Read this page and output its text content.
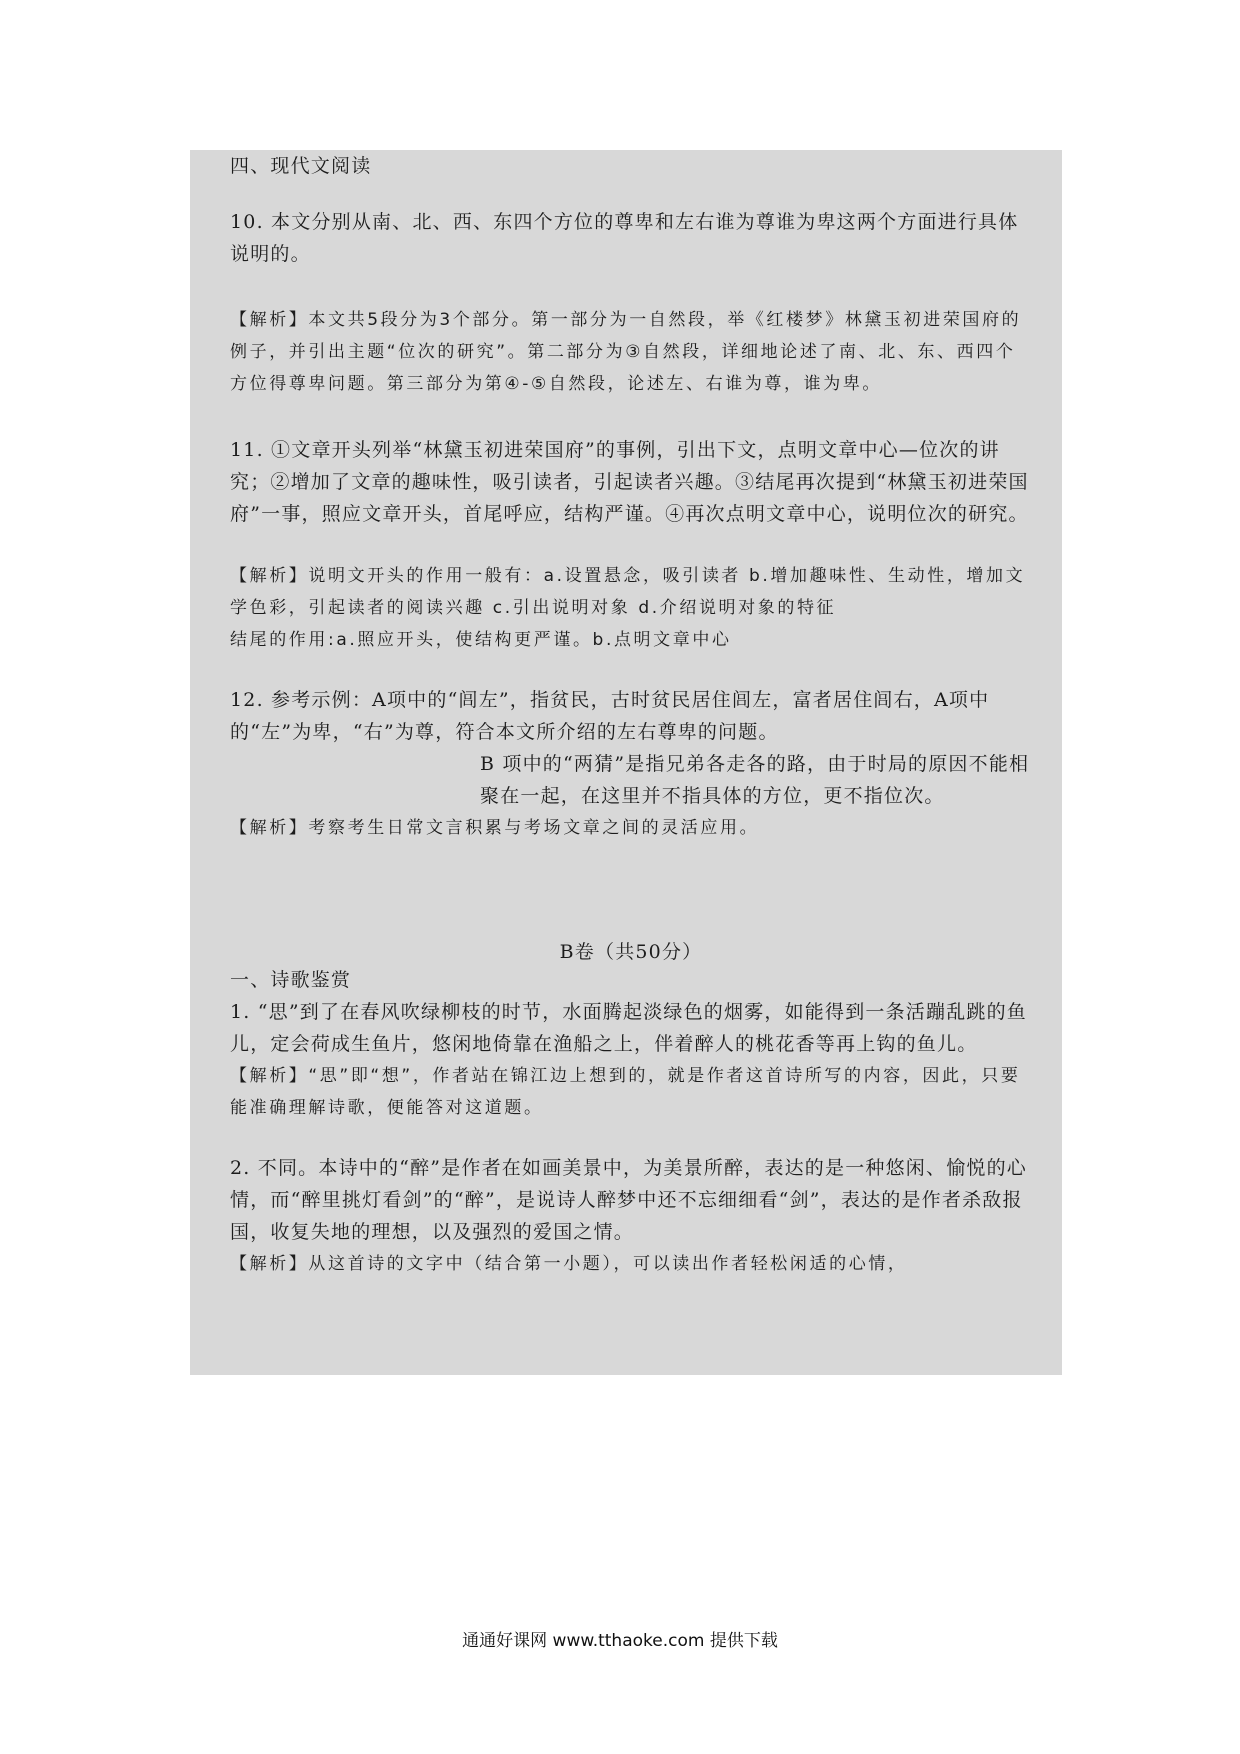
四、现代文阅读

10. 本文分别从南、北、西、东四个方位的尊卑和左右谁为尊谁为卑这两个方面进行具体说明的。

【解析】本文共5段分为3个部分。第一部分为一自然段，举《红楼梦》林黛玉初进荣国府的例子，并引出主题“位次的研究”。第二部分为③自然段，详细地论述了南、北、东、西四个方位得尊卑问题。第三部分为第④-⑤自然段，论述左、右谁为尊，谁为卑。

11. ①文章开头列举“林黛玉初进荣国府”的事例，引出下文，点明文章中心—位次的讲究；②增加了文章的趣味性，吸引读者，引起读者兴趣。③结尾再次提到“林黛玉初进荣国府”一事，照应文章开头，首尾呼应，结构严谨。④再次点明文章中心，说明位次的研究。

【解析】说明文开头的作用一般有：a.设置悬念，吸引读者 b.增加趣味性、生动性，增加文学色彩，引起读者的阅读兴趣 c.引出说明对象 d.介绍说明对象的特征

结尾的作用:a.照应开头，使结构更严谨。b.点明文章中心

12. 参考示例：A项中的“闾左”，指贫民，古时贫民居住闾左，富者居住闾右，A项中的“左”为卑，“右”为尊，符合本文所介绍的左右尊卑的问题。

B 项中的“两猜”是指兄弟各走各的路，由于时局的原因不能相聚在一起，在这里并不指具体的方位，更不指位次。

【解析】考察考生日常文言积累与考场文章之间的灵活应用。

B卷（共50分）

一、诗歌鉴赏

1. “思”到了在春风吹绿柳枝的时节，水面腾起淡绿色的烟雾，如能得到一条活蹦乱跳的鱼儿，定会荷成生鱼片，悠闲地倚靠在渔船之上，伴着醉人的桃花香等再上钩的鱼儿。

【解析】“思”即“想”，作者站在锦江边上想到的，就是作者这首诗所写的内容，因此，只要能准确理解诗歌，便能答对这道题。

2. 不同。本诗中的“醉”是作者在如画美景中，为美景所醉，表达的是一种悠闲、愉悦的心情，而“醉里挑灯看剑”的“醉”，是说诗人醉梦中还不忘细细看“剑”，表达的是作者杀敌报国，收复失地的理想，以及强烈的爱国之情。

【解析】从这首诗的文字中（结合第一小题），可以读出作者轻松闲适的心情，

通通好课网 www.tthaoke.com 提供下载
